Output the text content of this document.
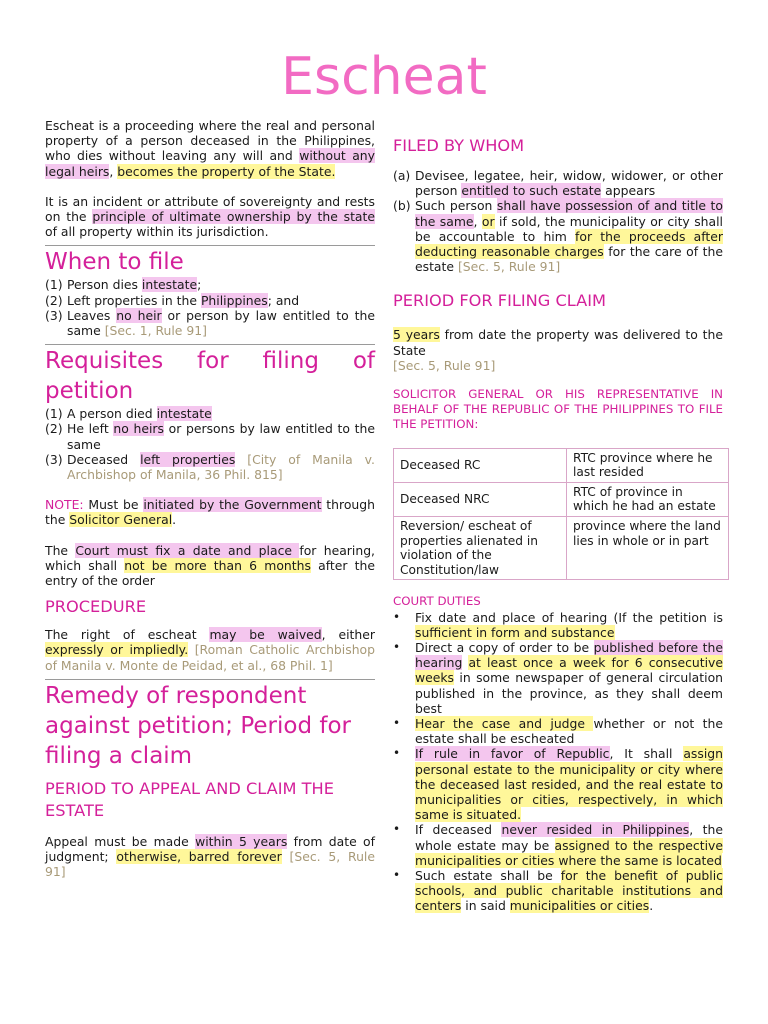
Escheat

Escheat is a proceeding where the real and personal property of a person deceased in the Philippines, who dies without leaving any will and without any legal heirs, becomes the property of the State.

It is an incident or attribute of sovereignty and rests on the principle of ultimate ownership by the state of all property within its jurisdiction.

When to file
(1) Person dies intestate;
(2) Left properties in the Philippines; and
(3) Leaves no heir or person by law entitled to the same [Sec. 1, Rule 91]
Requisites for filing of petition
(1) A person died intestate
(2) He left no heirs or persons by law entitled to the same
(3) Deceased left properties [City of Manila v. Archbishop of Manila, 36 Phil. 815]

NOTE: Must be initiated by the Government through the Solicitor General.

The Court must fix a date and place for hearing, which shall not be more than 6 months after the entry of the order

PROCEDURE

The right of escheat may be waived, either expressly or impliedly. [Roman Catholic Archbishop of Manila v. Monte de Peidad, et al., 68 Phil. 1]

Remedy of respondent against petition; Period for filing a claim
PERIOD TO APPEAL AND CLAIM THE ESTATE

Appeal must be made within 5 years from date of judgment; otherwise, barred forever [Sec. 5, Rule 91]

FILED BY WHOM
(a) Devisee, legatee, heir, widow, widower, or other person entitled to such estate appears
(b) Such person shall have possession of and title to the same, or if sold, the municipality or city shall be accountable to him for the proceeds after deducting reasonable charges for the care of the estate [Sec. 5, Rule 91]
PERIOD FOR FILING CLAIM

5 years from date the property was delivered to the State

[Sec. 5, Rule 91]

SOLICITOR GENERAL OR HIS REPRESENTATIVE IN BEHALF OF THE REPUBLIC OF THE PHILIPPINES TO FILE THE PETITION:

Deceased RC	RTC province where he last resided
Deceased NRC	RTC of province in which he had an estate
Reversion/ escheat of properties alienated in violation of the Constitution/law	province where the land lies in whole or in part

COURT DUTIES

•	Fix date and place of hearing (If the petition is sufficient in form and substance
•	Direct a copy of order to be published before the hearing at least once a week for 6 consecutive weeks in some newspaper of general circulation published in the province, as they shall deem best
•	Hear the case and judge whether or not the estate shall be escheated
•	If rule in favor of Republic, It shall assign personal estate to the municipality or city where the deceased last resided, and the real estate to municipalities or cities, respectively, in which same is situated.
•	If deceased never resided in Philippines, the whole estate may be assigned to the respective municipalities or cities where the same is located
•	Such estate shall be for the benefit of public schools, and public charitable institutions and centers in said municipalities or cities.
